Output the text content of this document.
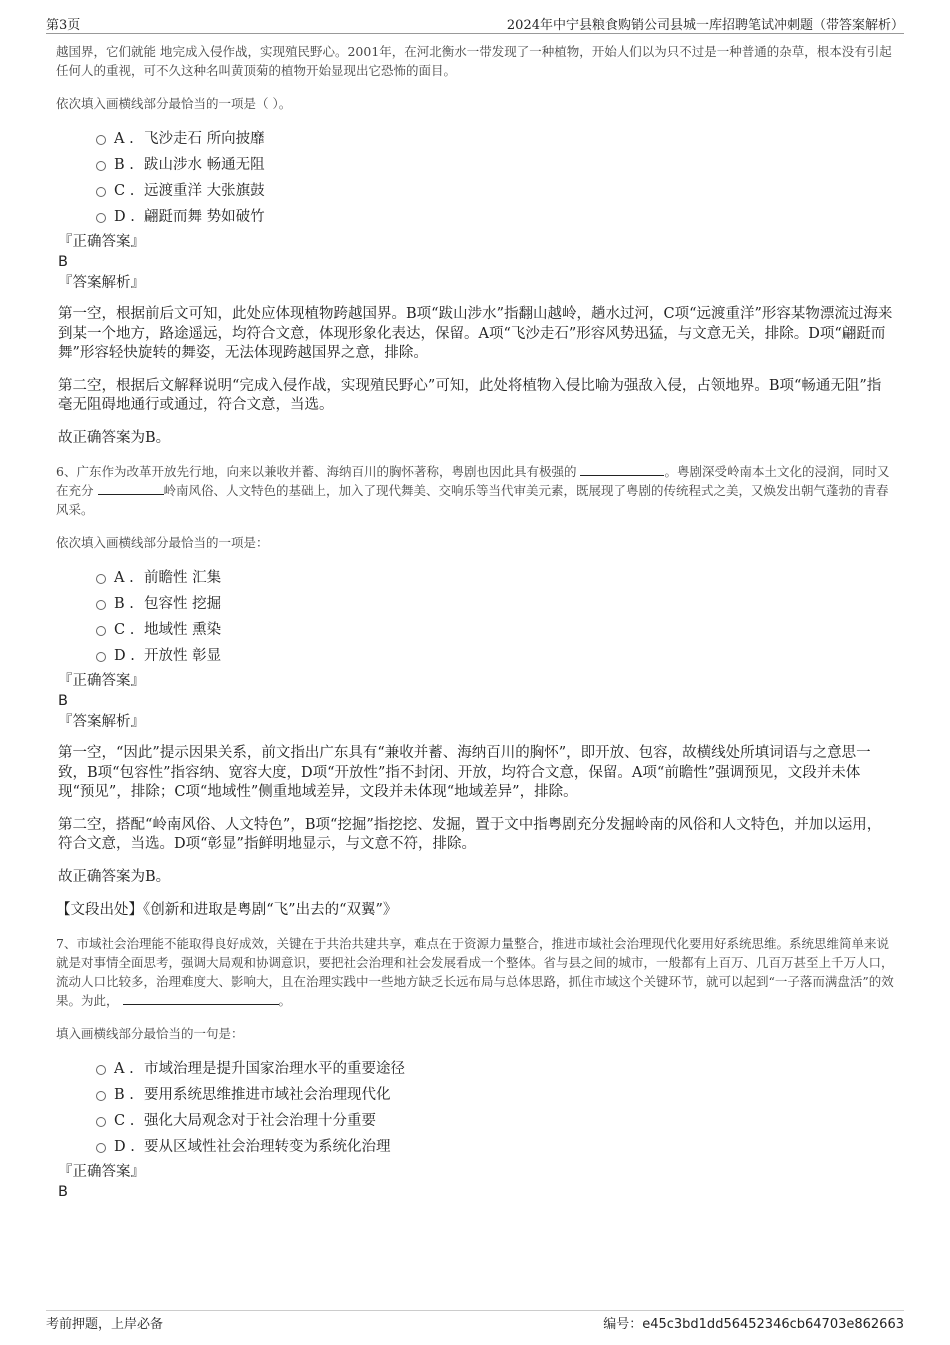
第3页	2024年中宁县粮食购销公司县城一库招聘笔试冲刺题（带答案解析）

越国界，它们就能 地完成入侵作战，实现殖民野心。2001年，在河北衡水一带发现了一种植物，开始人们以为只不过是一种普通的杂草，根本没有引起任何人的重视，可不久这种名叫黄顶菊的植物开始显现出它恐怖的面目。

依次填入画横线部分最恰当的一项是（ ）。

A . 飞沙走石 所向披靡
B . 跋山涉水 畅通无阻
C . 远渡重洋 大张旗鼓
D . 翩跹而舞 势如破竹

『正确答案』

B

『答案解析』

第一空，根据前后文可知，此处应体现植物跨越国界。B项“跋山涉水”指翻山越岭，趟水过河，C项“远渡重洋”形容某物漂流过海来到某一个地方，路途遥远，均符合文意，体现形象化表达，保留。A项“飞沙走石”形容风势迅猛，与文意无关，排除。D项“翩跹而舞”形容轻快旋转的舞姿，无法体现跨越国界之意，排除。

第二空，根据后文解释说明“完成入侵作战，实现殖民野心”可知，此处将植物入侵比喻为强敌入侵，占领地界。B项“畅通无阻”指毫无阻碍地通行或通过，符合文意，当选。

故正确答案为B。

6、广东作为改革开放先行地，向来以兼收并蓄、海纳百川的胸怀著称，粤剧也因此具有极强的	。粤剧深受岭南本土文化的浸润，同时又在充分	岭南风俗、人文特色的基础上，加入了现代舞美、交响乐等当代审美元素，既展现了粤剧的传统程式之美，又焕发出朝气蓬勃的青春风采。

依次填入画横线部分最恰当的一项是：

A . 前瞻性 汇集
B . 包容性 挖掘
C . 地域性 熏染
D . 开放性 彰显

『正确答案』

B

『答案解析』

第一空，“因此”提示因果关系，前文指出广东具有“兼收并蓄、海纳百川的胸怀”，即开放、包容，故横线处所填词语与之意思一致，B项“包容性”指容纳、宽容大度，D项“开放性”指不封闭、开放，均符合文意，保留。A项“前瞻性”强调预见，文段并未体现“预见”，排除；C项“地域性”侧重地域差异，文段并未体现“地域差异”，排除。

第二空，搭配“岭南风俗、人文特色”，B项“挖掘”指挖挖、发掘，置于文中指粤剧充分发掘岭南的风俗和人文特色，并加以运用，符合文意，当选。D项“彰显”指鲜明地显示，与文意不符，排除。

故正确答案为B。

【文段出处】《创新和进取是粤剧“飞”出去的“双翼”》

7、市域社会治理能不能取得良好成效，关键在于共治共建共享，难点在于资源力量整合，推进市域社会治理现代化要用好系统思维。系统思维简单来说就是对事情全面思考，强调大局观和协调意识，要把社会治理和社会发展看成一个整体。省与县之间的城市，一般都有上百万、几百万甚至上千万人口，流动人口比较多，治理难度大、影响大，且在治理实践中一些地方缺乏长远布局与总体思路，抓住市域这个关键环节，就可以起到“一子落而满盘活”的效果。为此，	。

填入画横线部分最恰当的一句是：

A . 市域治理是提升国家治理水平的重要途径
B . 要用系统思维推进市域社会治理现代化
C . 强化大局观念对于社会治理十分重要
D . 要从区域性社会治理转变为系统化治理

『正确答案』

B

考前押题，上岸必备	编号：e45c3bd1dd56452346cb64703e862663
